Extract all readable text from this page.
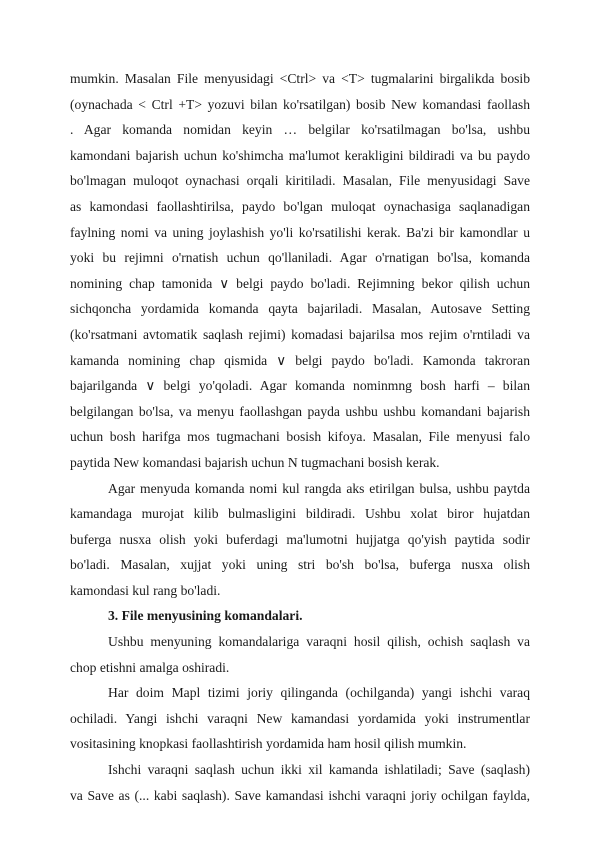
mumkin. Masalan File menyusidagi <Ctrl> va <T> tugmalarini birgalikda bosib
(oynachada < Ctrl +T> yozuvi bilan ko'rsatilgan) bosib New komandasi faollash
. Agar komanda nomidan keyin … belgilar ko'rsatilmagan bo'lsa, ushbu
kamondani bajarish uchun ko'shimcha ma'lumot kerakligini bildiradi va bu paydo
bo'lmagan muloqot oynachasi orqali kiritiladi. Masalan, File menyusidagi Save
as kamondasi faollashtirilsa, paydo bo'lgan muloqat oynachasiga saqlanadigan
faylning nomi va uning joylashish yo'li ko'rsatilishi kerak. Ba'zi bir kamondlar u
yoki bu rejimni o'rnatish uchun qo'llaniladi. Agar o'rnatigan bo'lsa, komanda
nomining chap tamonida ∨ belgi paydo bo'ladi. Rejimning bekor qilish uchun
sichqoncha yordamida komanda qayta bajariladi. Masalan, Autosave Setting
(ko'rsatmani avtomatik saqlash rejimi) komadasi bajarilsa mos rejim o'rntiladi va
kamanda nomining chap qismida ∨ belgi paydo bo'ladi. Kamonda takroran
bajarilganda ∨ belgi yo'qoladi. Agar komanda nominmng bosh harfi – bilan
belgilangan bo'lsa, va menyu faollashgan payda ushbu ushbu komandani bajarish
uchun bosh harifga mos tugmachani bosish kifoya. Masalan, File menyusi falo
paytida New komandasi bajarish uchun N tugmachani bosish kerak.
Agar menyuda komanda nomi kul rangda aks etirilgan bulsa, ushbu paytda
kamandaga murojat kilib bulmasligini bildiradi. Ushbu xolat biror hujatdan
buferga nusxa olish yoki buferdagi ma'lumotni hujjatga qo'yish paytida sodir
bo'ladi. Masalan, xujjat yoki uning stri bo'sh bo'lsa, buferga nusxa olish
kamondasi kul rang bo'ladi.
3. File menyusining komandalari.
Ushbu menyuning komandalariga varaqni hosil qilish, ochish saqlash va
chop etishni amalga oshiradi.
Har doim Mapl tizimi joriy qilinganda (ochilganda) yangi ishchi varaq
ochiladi. Yangi ishchi varaqni New kamandasi yordamida yoki instrumentlar
vositasining knopkasi faollashtirish yordamida ham hosil qilish mumkin.
Ishchi varaqni saqlash uchun ikki xil kamanda ishlatiladi; Save (saqlash)
va Save as (... kabi saqlash). Save kamandasi ishchi varaqni joriy ochilgan faylda,
